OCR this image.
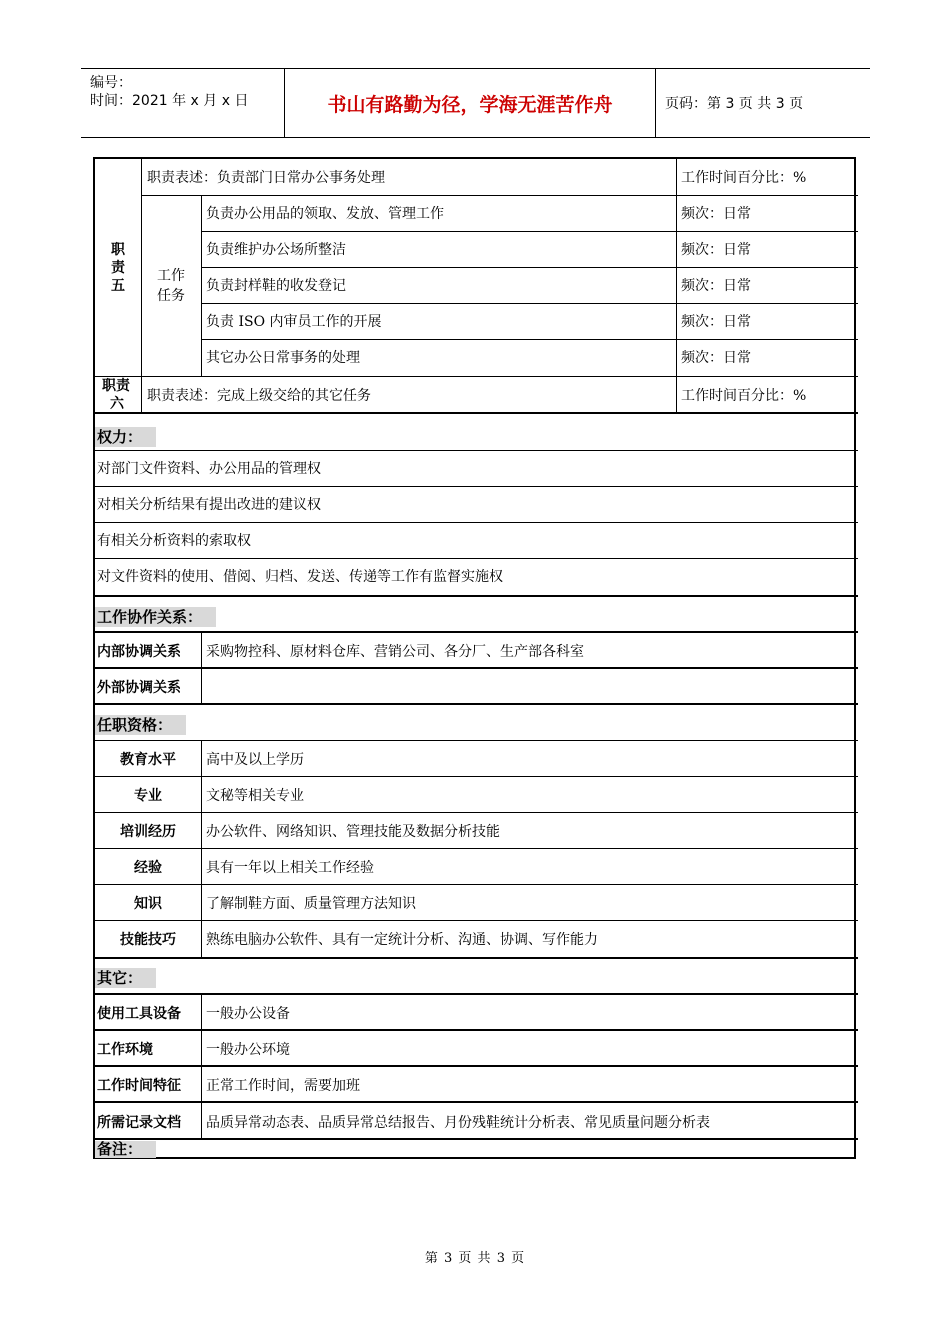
编号：
时间：2021 年 x 月 x 日	书山有路勤为径，学海无涯苦作舟	页码：第 3 页 共 3 页
职
责
五
职责表述：负责部门日常办公事务处理	工作时间百分比：%
工作
任务
负责办公用品的领取、发放、管理工作	频次：日常
负责维护办公场所整洁	频次：日常
负责封样鞋的收发登记	频次：日常
负责 ISO 内审员工作的开展	频次：日常
其它办公日常事务的处理	频次：日常
职责
六 职责表述：完成上级交给的其它任务	工作时间百分比：%
权力：
对部门文件资料、办公用品的管理权
对相关分析结果有提出改进的建议权
有相关分析资料的索取权
对文件资料的使用、借阅、归档、发送、传递等工作有监督实施权
工作协作关系：
内部协调关系 采购物控科、原材料仓库、营销公司、各分厂、生产部各科室
外部协调关系
任职资格：
教育水平	高中及以上学历
专业	文秘等相关专业
培训经历	办公软件、网络知识、管理技能及数据分析技能
经验	具有一年以上相关工作经验
知识	了解制鞋方面、质量管理方法知识
技能技巧	熟练电脑办公软件、具有一定统计分析、沟通、协调、写作能力
其它：
使用工具设备 一般办公设备
工作环境	一般办公环境
工作时间特征 正常工作时间，需要加班
所需记录文档 品质异常动态表、品质异常总结报告、月份残鞋统计分析表、常见质量问题分析表
备注：
第 3 页 共 3 页
